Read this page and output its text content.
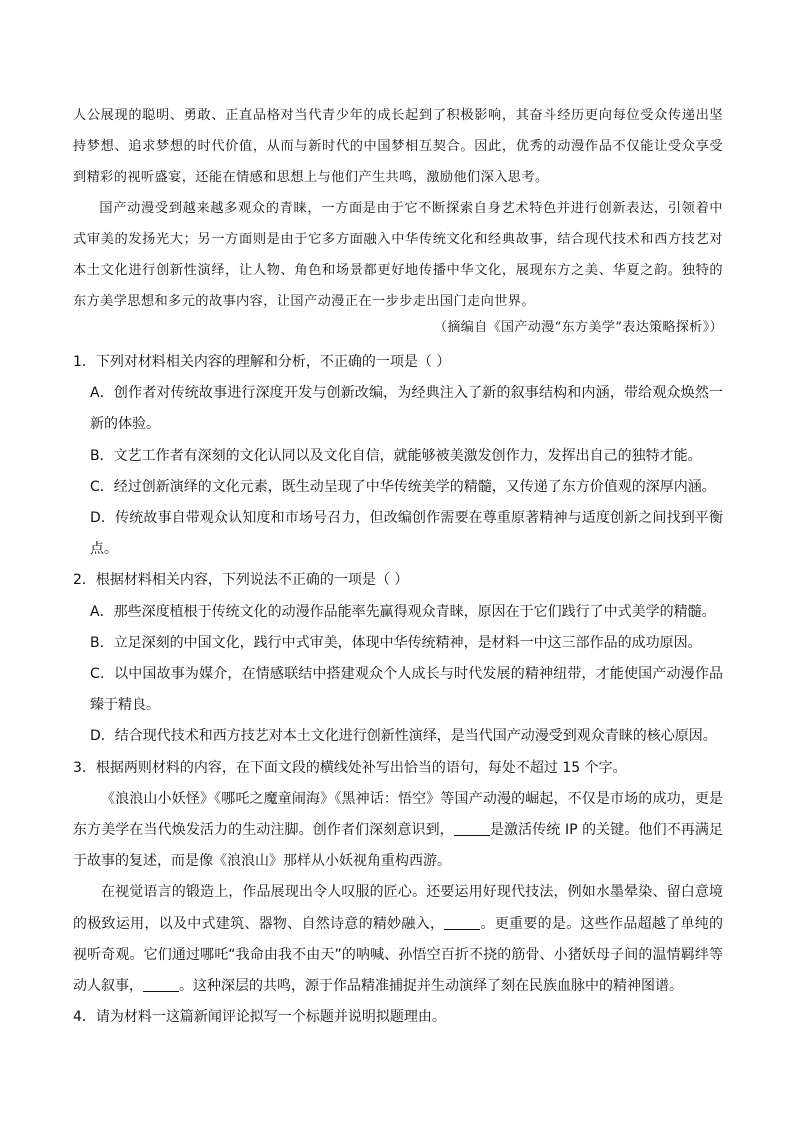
人公展现的聪明、勇敢、正直品格对当代青少年的成长起到了积极影响，其奋斗经历更向每位受众传递出坚持梦想、追求梦想的时代价值，从而与新时代的中国梦相互契合。因此，优秀的动漫作品不仅能让受众享受到精彩的视听盛宴，还能在情感和思想上与他们产生共鸣，激励他们深入思考。

国产动漫受到越来越多观众的青睐，一方面是由于它不断探索自身艺术特色并进行创新表达，引领着中式审美的发扬光大；另一方面则是由于它多方面融入中华传统文化和经典故事，结合现代技术和西方技艺对本土文化进行创新性演绎，让人物、角色和场景都更好地传播中华文化，展现东方之美、华夏之韵。独特的东方美学思想和多元的故事内容，让国产动漫正在一步步走出国门走向世界。

（摘编自《国产动漫“东方美学”表达策略探析》）

1．下列对材料相关内容的理解和分析，不正确的一项是（ ）

A．创作者对传统故事进行深度开发与创新改编，为经典注入了新的叙事结构和内涵，带给观众焕然一新的体验。

B．文艺工作者有深刻的文化认同以及文化自信，就能够被美激发创作力，发挥出自己的独特才能。

C．经过创新演绎的文化元素，既生动呈现了中华传统美学的精髓，又传递了东方价值观的深厚内涵。

D．传统故事自带观众认知度和市场号召力，但改编创作需要在尊重原著精神与适度创新之间找到平衡点。

2．根据材料相关内容，下列说法不正确的一项是（ ）

A．那些深度植根于传统文化的动漫作品能率先赢得观众青睐，原因在于它们践行了中式美学的精髓。

B．立足深刻的中国文化，践行中式审美，体现中华传统精神，是材料一中这三部作品的成功原因。

C．以中国故事为媒介，在情感联结中搭建观众个人成长与时代发展的精神纽带，才能使国产动漫作品臻于精良。

D．结合现代技术和西方技艺对本土文化进行创新性演绎，是当代国产动漫受到观众青睐的核心原因。

3．根据两则材料的内容，在下面文段的横线处补写出恰当的语句，每处不超过 15 个字。

《浪浪山小妖怪》《哪吒之魔童闹海》《黑神话：悟空》等国产动漫的崛起，不仅是市场的成功，更是东方美学在当代焕发活力的生动注脚。创作者们深刻意识到，	是激活传统 IP 的关键。他们不再满足于故事的复述，而是像《浪浪山》那样从小妖视角重构西游。

在视觉语言的锻造上，作品展现出令人叹服的匠心。还要运用好现代技法，例如水墨晕染、留白意境的极致运用，以及中式建筑、器物、自然诗意的精妙融入，	。更重要的是。这些作品超越了单纯的视听奇观。它们通过哪吒“我命由我不由天”的呐喊、孙悟空百折不挠的筋骨、小猪妖母子间的温情羁绊等动人叙事，	。这种深层的共鸣，源于作品精准捕捉并生动演绎了刻在民族血脉中的精神图谱。

4．请为材料一这篇新闻评论拟写一个标题并说明拟题理由。
